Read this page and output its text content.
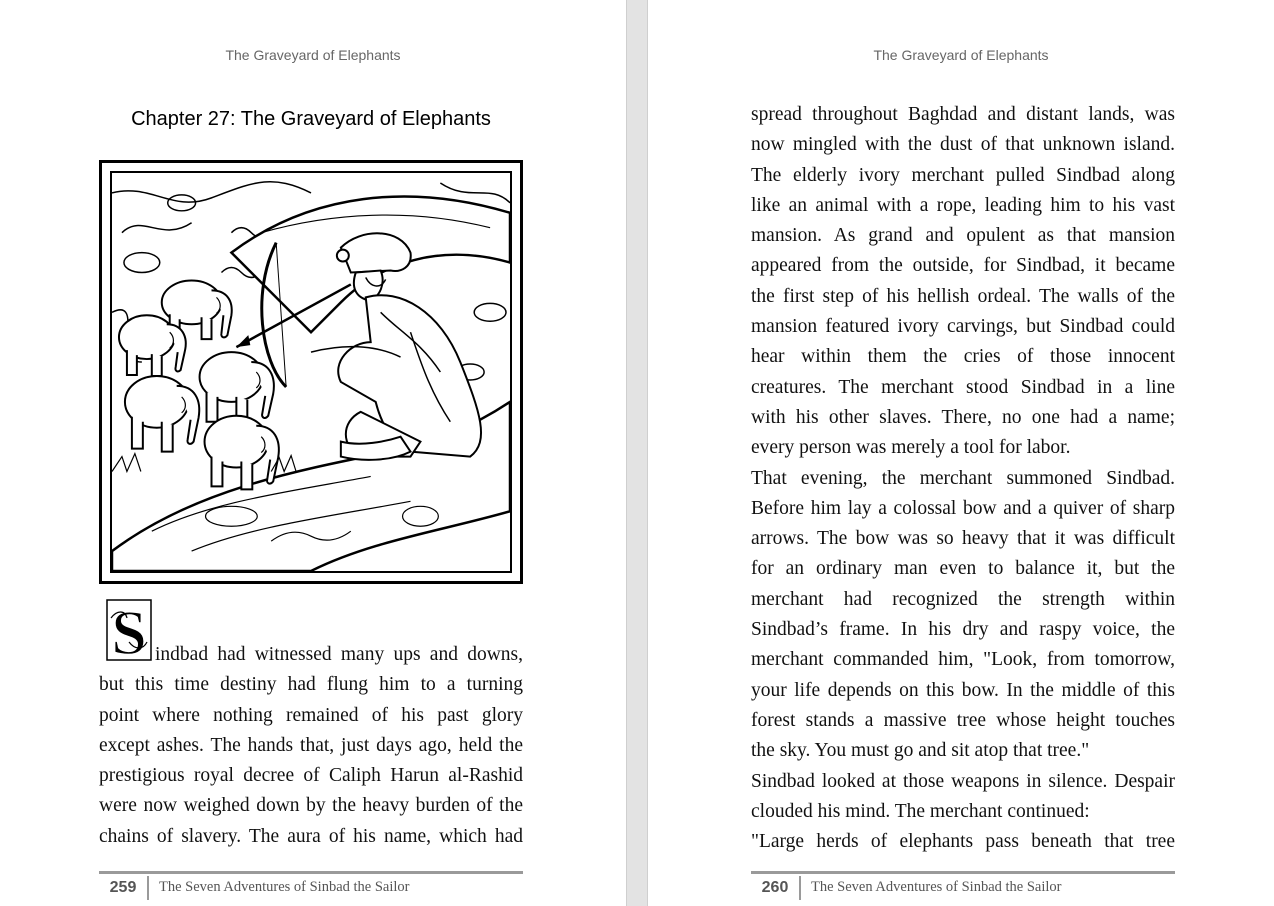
The Graveyard of Elephants
Chapter 27: The Graveyard of Elephants
S indbad had witnessed many ups and downs,
but this time destiny had flung him to a turning
point where nothing remained of his past glory
except ashes. The hands that, just days ago, held the
prestigious royal decree of Caliph Harun al-Rashid
were now weighed down by the heavy burden of the
chains of slavery. The aura of his name, which had
259	The Seven Adventures of Sinbad the Sailor
The Graveyard of Elephants
spread throughout Baghdad and distant lands, was
now mingled with the dust of that unknown island.
The elderly ivory merchant pulled Sindbad along
like an animal with a rope, leading him to his vast
mansion. As grand and opulent as that mansion
appeared from the outside, for Sindbad, it became
the first step of his hellish ordeal. The walls of the
mansion featured ivory carvings, but Sindbad could
hear within them the cries of those innocent
creatures. The merchant stood Sindbad in a line
with his other slaves. There, no one had a name;
every person was merely a tool for labor.
That evening, the merchant summoned Sindbad.
Before him lay a colossal bow and a quiver of sharp
arrows. The bow was so heavy that it was difficult
for an ordinary man even to balance it, but the
merchant had recognized the strength within
Sindbad’s frame. In his dry and raspy voice, the
merchant commanded him, "Look, from tomorrow,
your life depends on this bow. In the middle of this
forest stands a massive tree whose height touches
the sky. You must go and sit atop that tree."
Sindbad looked at those weapons in silence. Despair
clouded his mind. The merchant continued:
"Large herds of elephants pass beneath that tree
260	The Seven Adventures of Sinbad the Sailor
